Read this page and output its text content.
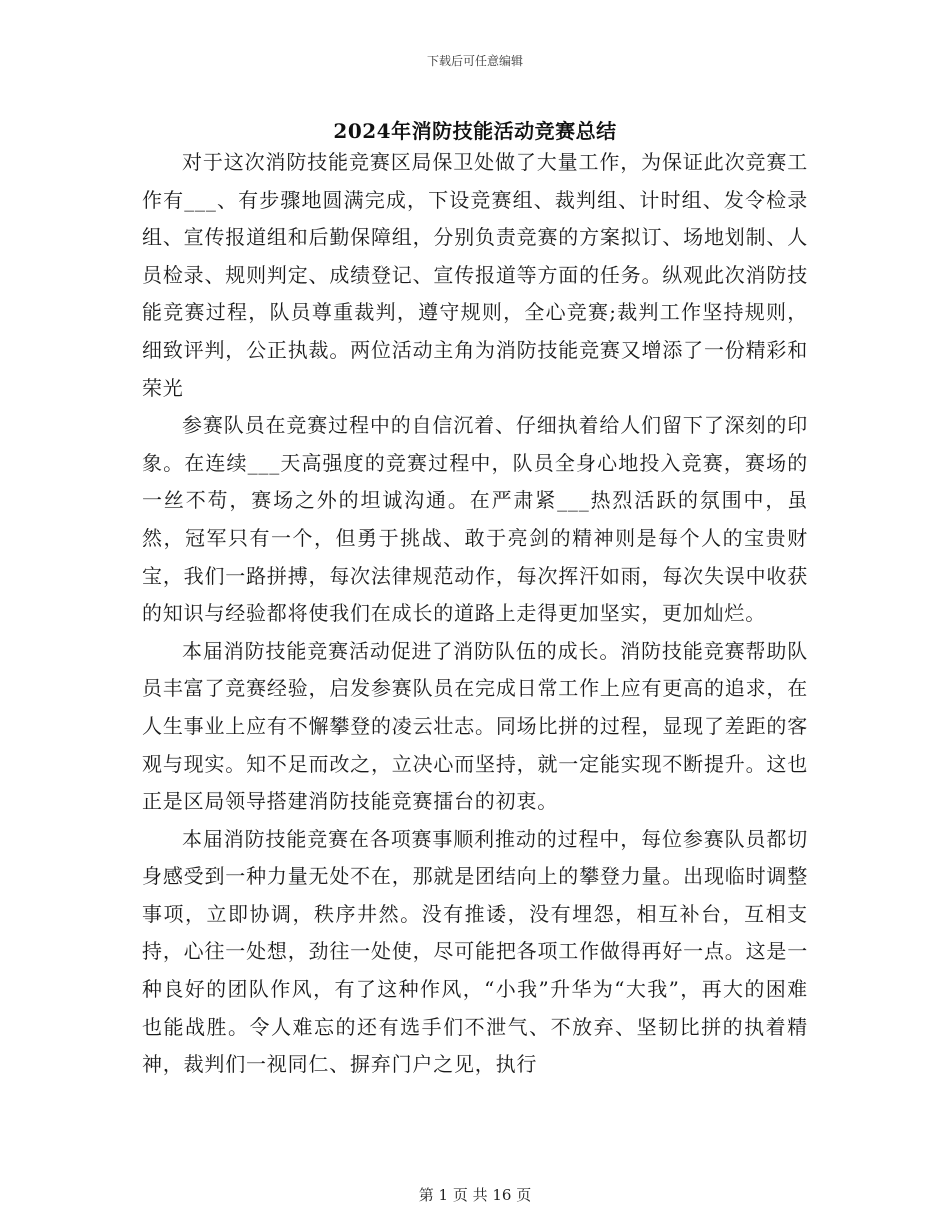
下载后可任意编辑
2024年消防技能活动竞赛总结

对于这次消防技能竞赛区局保卫处做了大量工作，为保证此次竞赛工作有___、有步骤地圆满完成，下设竞赛组、裁判组、计时组、发令检录组、宣传报道组和后勤保障组，分别负责竞赛的方案拟订、场地划制、人员检录、规则判定、成绩登记、宣传报道等方面的任务。纵观此次消防技能竞赛过程，队员尊重裁判，遵守规则，全心竞赛;裁判工作坚持规则，细致评判，公正执裁。两位活动主角为消防技能竞赛又增添了一份精彩和荣光

参赛队员在竞赛过程中的自信沉着、仔细执着给人们留下了深刻的印象。在连续___天高强度的竞赛过程中，队员全身心地投入竞赛，赛场的一丝不苟，赛场之外的坦诚沟通。在严肃紧___热烈活跃的氛围中，虽然，冠军只有一个，但勇于挑战、敢于亮剑的精神则是每个人的宝贵财宝，我们一路拼搏，每次法律规范动作，每次挥汗如雨，每次失误中收获的知识与经验都将使我们在成长的道路上走得更加坚实，更加灿烂。

本届消防技能竞赛活动促进了消防队伍的成长。消防技能竞赛帮助队员丰富了竞赛经验，启发参赛队员在完成日常工作上应有更高的追求，在人生事业上应有不懈攀登的凌云壮志。同场比拼的过程，显现了差距的客观与现实。知不足而改之，立决心而坚持，就一定能实现不断提升。这也正是区局领导搭建消防技能竞赛擂台的初衷。

本届消防技能竞赛在各项赛事顺利推动的过程中，每位参赛队员都切身感受到一种力量无处不在，那就是团结向上的攀登力量。出现临时调整事项，立即协调，秩序井然。没有推诿，没有埋怨，相互补台，互相支持，心往一处想，劲往一处使，尽可能把各项工作做得再好一点。这是一种良好的团队作风，有了这种作风，“小我”升华为“大我”，再大的困难也能战胜。令人难忘的还有选手们不泄气、不放弃、坚韧比拼的执着精神，裁判们一视同仁、摒弃门户之见，执行

第 1 页 共 16 页
